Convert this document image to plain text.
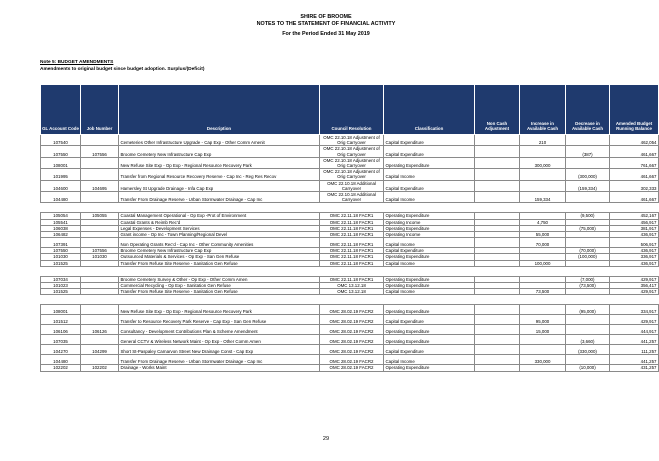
SHIRE OF BROOME
NOTES TO THE STATEMENT OF FINANCIAL ACTIVITY
For the Period Ended 31 May 2019
Note 5: BUDGET AMENDMENTS
Amendments to original budget since budget adoption. Surplus/(Deficit)
GL Account Code	Job Number	Description	Council Resolution	Classification	Non Cash Adjustment	Increase in Available Cash	Decrease in Available Cash	Amended Budget Running Balance
107540		Cemeteries Other Infrastructure Upgrade - Cap Exp - Other Comm Amenit	OMC 22.10.18 Adjustment of Orig Carryover	Capital Expenditure		210		462,054
107550	107556	Broome Cemetery New Infrastructure Cap Exp	OMC 22.10.18 Adjustment of Orig Carryover	Capital Expenditure			(387)	461,667
108001		New Refuse Site Exp - Op Exp - Regional Resource Recovery Park	OMC 22.10.18 Adjustment of Orig Carryover	Operating Expenditure		300,000		761,667
101995		Transfer from Regional Resource Recovery Reserve - Cap Inc - Reg Res Recov	OMC 22.10.18 Adjustment of Orig Carryover	Capital Income			(300,000)	461,667
104600	104695	Hamersley St Upgrade Drainage - Infa Cap Exp	OMC 22.10.18 Additional Carryover	Capital Expenditure			(159,334)	302,333
104480		Transfer From Drainage Reserve - Urban Stormwater Drainage - Cap Inc	OMC 22.10.18 Additional Carryover	Capital Income		159,334		461,667

105054	105055	Coastal Management Operational - Op Exp -Prot of Environment	OMC 22.11.18 FACR1	Operating Expenditure			(9,500)	452,167
105541		Coastal Grants & Reimb Rec'd	OMC 22.11.18 FACR1	Operating Income		4,750		456,917
106038		Legal Expenses - Development Services	OMC 22.11.18 FACR1	Operating Expenditure			(75,000)	381,917
106482		Grant income - Op Inc - Town Planning/Regional Devel	OMC 22.11.18 FACR1	Operating Income		55,000		436,917
107391		Non Operating Grants Rec'd - Cap Inc - Other Community Amenities	OMC 22.11.18 FACR1	Capital Income		70,000		506,917
107550	107556	Broome Cemetery New Infrastructure Cap Exp	OMC 22.11.18 FACR1	Capital Expenditure			(70,000)	436,917
101030	101030	Outsourced Materials & Services - Op Exp - San Gen Refuse	OMC 22.11.18 FACR1	Operating Expenditure			(100,000)	336,917
101525		Transfer From Refuse Site Reserve - Sanitation Gen Refuse	OMC 22.11.18 FACR1	Capital Income		100,000		436,917

107034		Broome Cemetery Survey & Other - Op Exp - Other Comm Amen	OMC 22.11.18 FACR1	Operating Expenditure			(7,000)	429,917
101023		Commercial Recycling - Op Exp - Sanitation Gen Refuse	OMC 13.12.18	Operating Expenditure			(73,500)	356,417
101525		Transfer From Refuse Site Reserve - Sanitation Gen Refuse	OMC 13.12.18	Capital Income		73,500		429,917

108001		New Refuse Site Exp - Op Exp - Regional Resource Recovery Park	OMC 28.02.19 FACR2	Operating Expenditure			(95,000)	334,917
101512		Transfer to Resource Recovery Park Reserve - Cap Exp - San Gen Refuse	OMC 28.02.19 FACR2	Capital Expenditure		95,000		429,917
106106	106126	Consultancy - Development Contributions Plan & Scheme Amendment	OMC 28.02.19 FACR2	Operating Expenditure		15,000		444,917
107035		General CCTV & Wireless Network Maint - Op Exp - Other Comm Amen	OMC 28.02.19 FACR2	Operating Expenditure			(3,660)	441,257
104270	104299	Short St-Paspaley Carnarvon Street New Drainage Const - Cap Exp	OMC 28.02.19 FACR2	Capital Expenditure			(330,000)	111,257
104480		Transfer From Drainage Reserve - Urban Stormwater Drainage - Cap Inc	OMC 28.02.19 FACR2	Capital Income		330,000		441,257
102202	102202	Drainage - Works Maint	OMC 28.02.19 FACR2	Operating Expenditure			(10,000)	431,257
29
